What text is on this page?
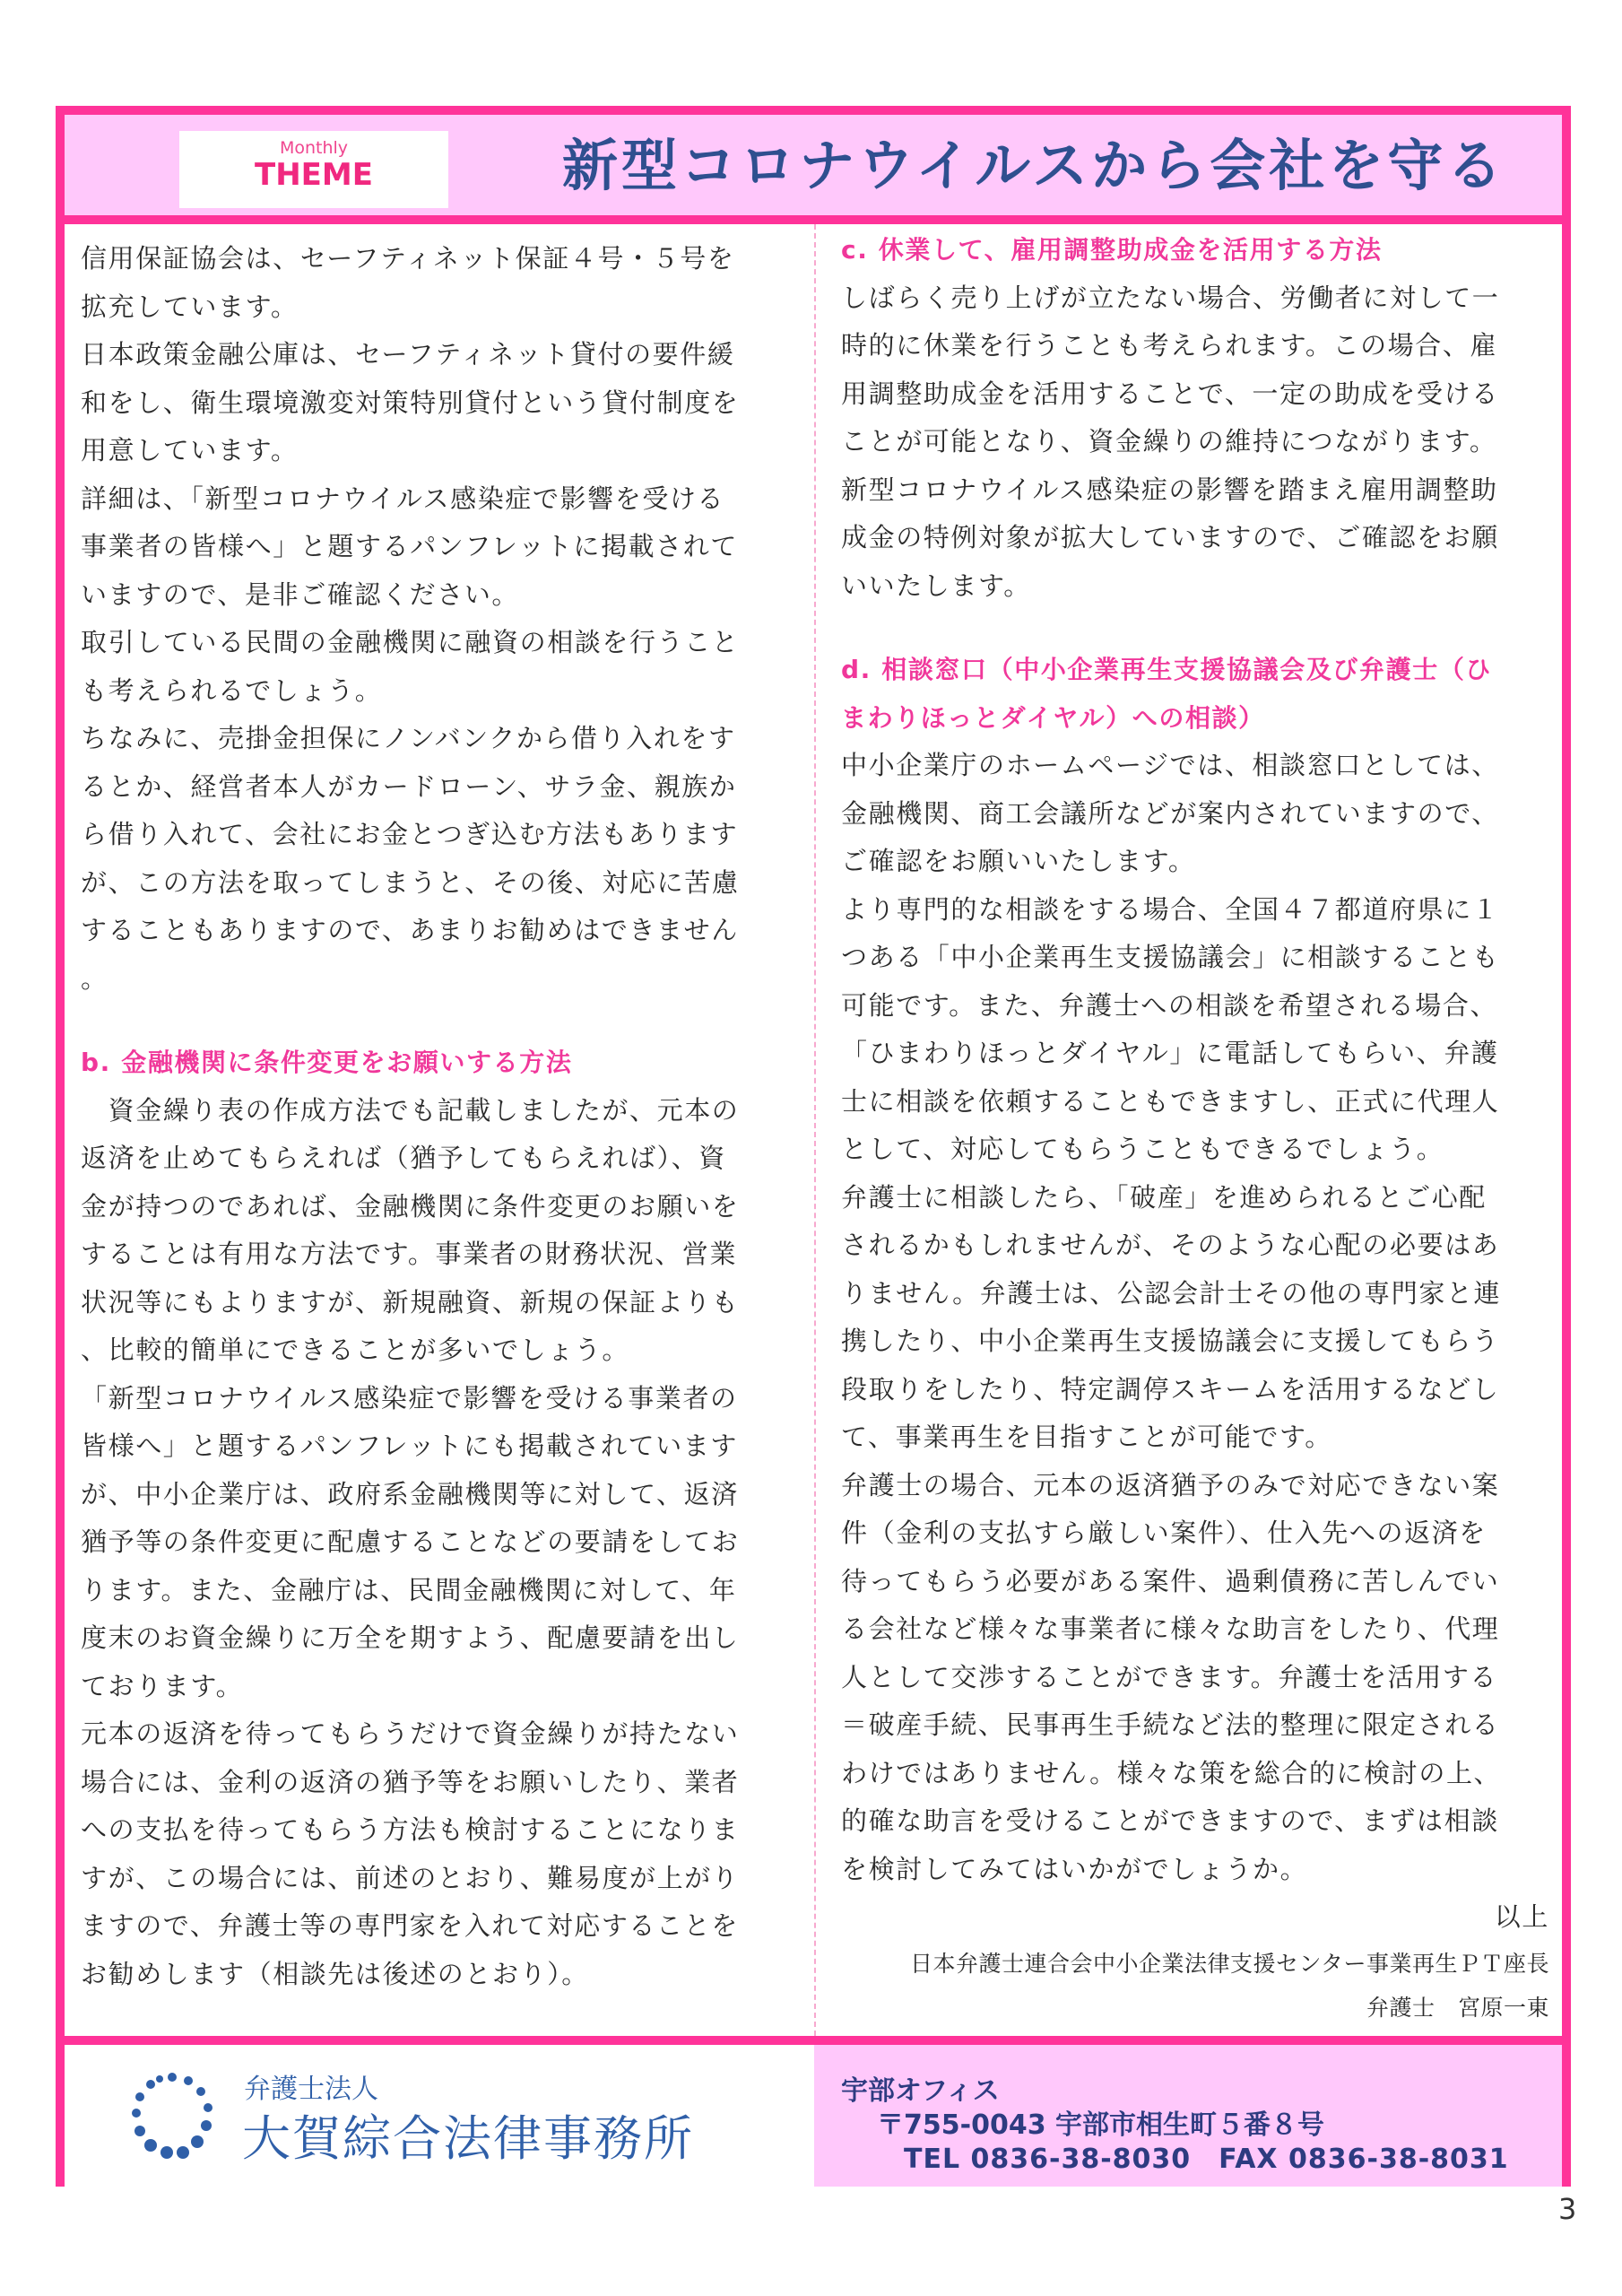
Monthly
THEME	新型コロナウイルスから会社を守る
信用保証協会は、セーフティネット保証４号・５号を
拡充しています。
日本政策金融公庫は、セーフティネット貸付の要件緩
和をし、衛生環境激変対策特別貸付という貸付制度を
用意しています。
詳細は、「新型コロナウイルス感染症で影響を受ける
事業者の皆様へ」と題するパンフレットに掲載されて
いますので、是非ご確認ください。
取引している民間の金融機関に融資の相談を行うこと
も考えられるでしょう。
ちなみに、売掛金担保にノンバンクから借り入れをす
るとか、経営者本人がカードローン、サラ金、親族か
ら借り入れて、会社にお金とつぎ込む方法もあります
が、この方法を取ってしまうと、その後、対応に苦慮
することもありますので、あまりお勧めはできません
。
b. 金融機関に条件変更をお願いする方法
　資金繰り表の作成方法でも記載しましたが、元本の
返済を止めてもらえれば（猶予してもらえれば）、資
金が持つのであれば、金融機関に条件変更のお願いを
することは有用な方法です。事業者の財務状況、営業
状況等にもよりますが、新規融資、新規の保証よりも
、比較的簡単にできることが多いでしょう。
「新型コロナウイルス感染症で影響を受ける事業者の
皆様へ」と題するパンフレットにも掲載されています
が、中小企業庁は、政府系金融機関等に対して、返済
猶予等の条件変更に配慮することなどの要請をしてお
ります。また、金融庁は、民間金融機関に対して、年
度末のお資金繰りに万全を期すよう、配慮要請を出し
ております。
元本の返済を待ってもらうだけで資金繰りが持たない
場合には、金利の返済の猶予等をお願いしたり、業者
への支払を待ってもらう方法も検討することになりま
すが、この場合には、前述のとおり、難易度が上がり
ますので、弁護士等の専門家を入れて対応することを
お勧めします（相談先は後述のとおり）。
c. 休業して、雇用調整助成金を活用する方法
しばらく売り上げが立たない場合、労働者に対して一
時的に休業を行うことも考えられます。この場合、雇
用調整助成金を活用することで、一定の助成を受ける
ことが可能となり、資金繰りの維持につながります。
新型コロナウイルス感染症の影響を踏まえ雇用調整助
成金の特例対象が拡大していますので、ご確認をお願
いいたします。
d. 相談窓口（中小企業再生支援協議会及び弁護士（ひ
まわりほっとダイヤル）への相談）
中小企業庁のホームページでは、相談窓口としては、
金融機関、商工会議所などが案内されていますので、
ご確認をお願いいたします。
より専門的な相談をする場合、全国４７都道府県に１
つある「中小企業再生支援協議会」に相談することも
可能です。また、弁護士への相談を希望される場合、
「ひまわりほっとダイヤル」に電話してもらい、弁護
士に相談を依頼することもできますし、正式に代理人
として、対応してもらうこともできるでしょう。
弁護士に相談したら、「破産」を進められるとご心配
されるかもしれませんが、そのような心配の必要はあ
りません。弁護士は、公認会計士その他の専門家と連
携したり、中小企業再生支援協議会に支援してもらう
段取りをしたり、特定調停スキームを活用するなどし
て、事業再生を目指すことが可能です。
弁護士の場合、元本の返済猶予のみで対応できない案
件（金利の支払すら厳しい案件）、仕入先への返済を
待ってもらう必要がある案件、過剰債務に苦しんでい
る会社など様々な事業者に様々な助言をしたり、代理
人として交渉することができます。弁護士を活用する
＝破産手続、民事再生手続など法的整理に限定される
わけではありません。様々な策を総合的に検討の上、
的確な助言を受けることができますので、まずは相談
を検討してみてはいかがでしょうか。
以上
日本弁護士連合会中小企業法律支援センター事業再生ＰＴ座長
弁護士　宮原一東
弁護士法人
大賀綜合法律事務所
宇部オフィス
〒755-0043 宇部市相生町５番８号
TEL 0836-38-8030　FAX 0836-38-8031
3
